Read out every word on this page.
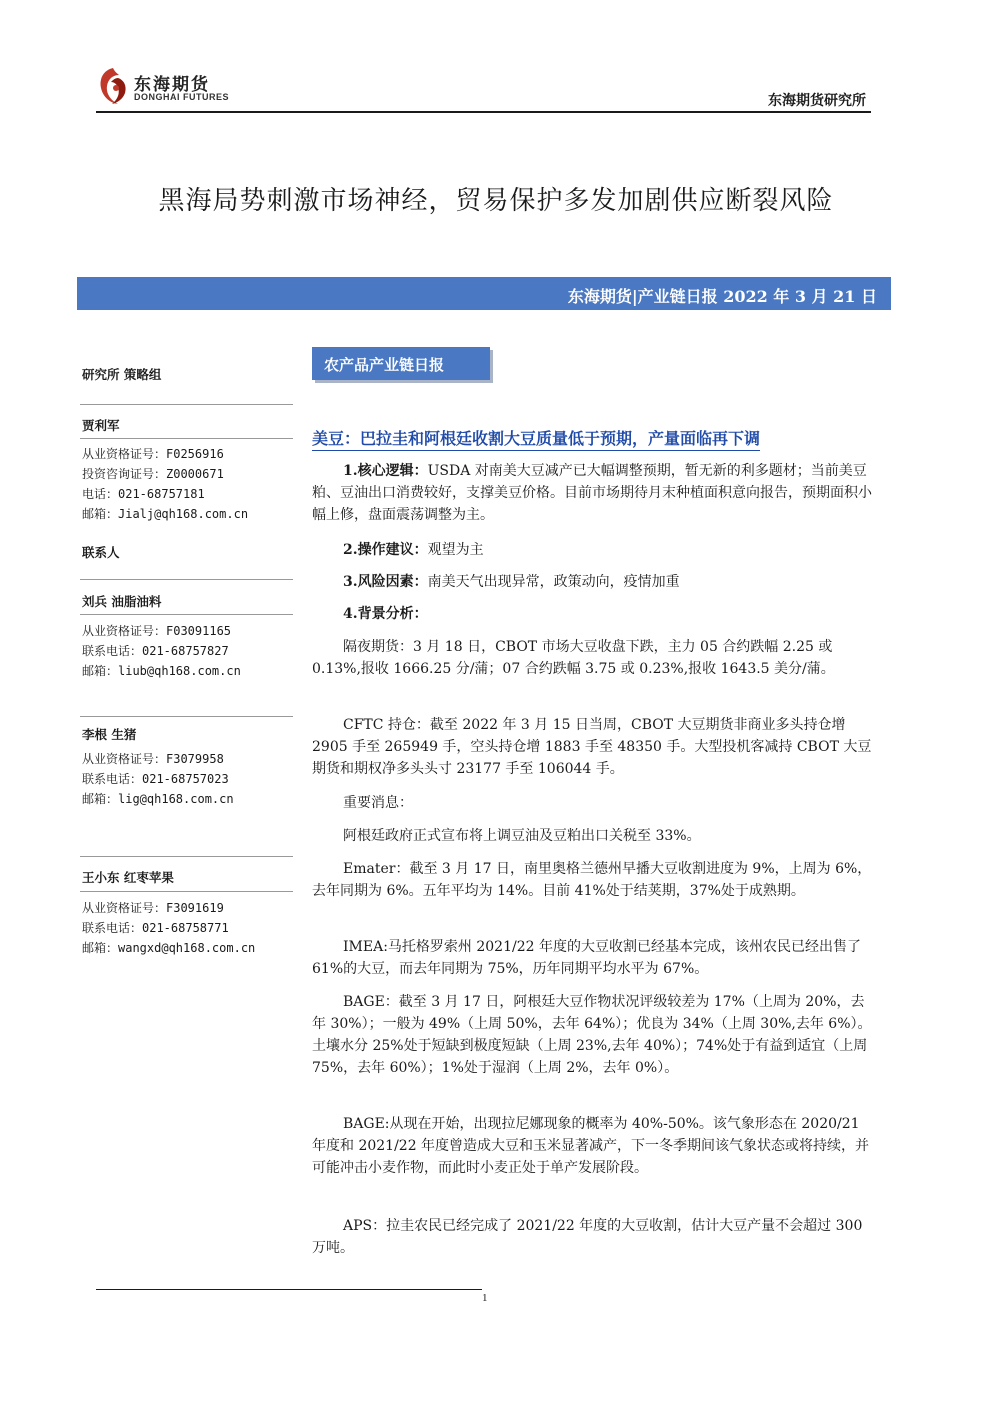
东海期货
DONGHAI FUTURES	东海期货研究所
黑海局势刺激市场神经，贸易保护多发加剧供应断裂风险
东海期货|产业链日报 2022 年 3 月 21 日
研究所 策略组
贾利军
从业资格证号：F0256916
投资咨询证号：Z0000671
电话：021-68757181
邮箱：Jialj@qh168.com.cn
联系人
刘兵 油脂油料
从业资格证号：F03091165
联系电话：021-68757827
邮箱：liub@qh168.com.cn
李根 生猪
从业资格证号：F3079958
联系电话：021-68757023
邮箱：lig@qh168.com.cn
王小东 红枣苹果
从业资格证号：F3091619
联系电话：021-68758771
邮箱：wangxd@qh168.com.cn
农产品产业链日报
美豆：巴拉圭和阿根廷收割大豆质量低于预期，产量面临再下调
1.核心逻辑：USDA 对南美大豆减产已大幅调整预期，暂无新的利多题材；当前美豆粕、豆油出口消费较好，支撑美豆价格。目前市场期待月末种植面积意向报告，预期面积小幅上修，盘面震荡调整为主。
2.操作建议：观望为主
3.风险因素：南美天气出现异常，政策动向，疫情加重
4.背景分析：
隔夜期货：3 月 18 日，CBOT 市场大豆收盘下跌，主力 05 合约跌幅 2.25 或 0.13%,报收 1666.25 分/蒲；07 合约跌幅 3.75 或 0.23%,报收 1643.5 美分/蒲。
CFTC 持仓：截至 2022 年 3 月 15 日当周，CBOT 大豆期货非商业多头持仓增 2905 手至 265949 手，空头持仓增 1883 手至 48350 手。大型投机客减持 CBOT 大豆期货和期权净多头头寸 23177 手至 106044 手。
重要消息：
阿根廷政府正式宣布将上调豆油及豆粕出口关税至 33%。
Emater：截至 3 月 17 日，南里奥格兰德州早播大豆收割进度为 9%，上周为 6%，去年同期为 6%。五年平均为 14%。目前 41%处于结荚期，37%处于成熟期。
IMEA:马托格罗索州 2021/22 年度的大豆收割已经基本完成，该州农民已经出售了 61%的大豆，而去年同期为 75%，历年同期平均水平为 67%。
BAGE：截至 3 月 17 日，阿根廷大豆作物状况评级较差为 17%（上周为 20%，去年 30%）；一般为 49%（上周 50%，去年 64%）；优良为 34%（上周 30%,去年 6%）。土壤水分 25%处于短缺到极度短缺（上周 23%,去年 40%）；74%处于有益到适宜（上周 75%，去年 60%）；1%处于湿润（上周 2%，去年 0%）。
BAGE:从现在开始，出现拉尼娜现象的概率为 40%-50%。该气象形态在 2020/21 年度和 2021/22 年度曾造成大豆和玉米显著减产，下一冬季期间该气象状态或将持续，并可能冲击小麦作物，而此时小麦正处于单产发展阶段。
APS：拉圭农民已经完成了 2021/22 年度的大豆收割，估计大豆产量不会超过 300 万吨。
1
